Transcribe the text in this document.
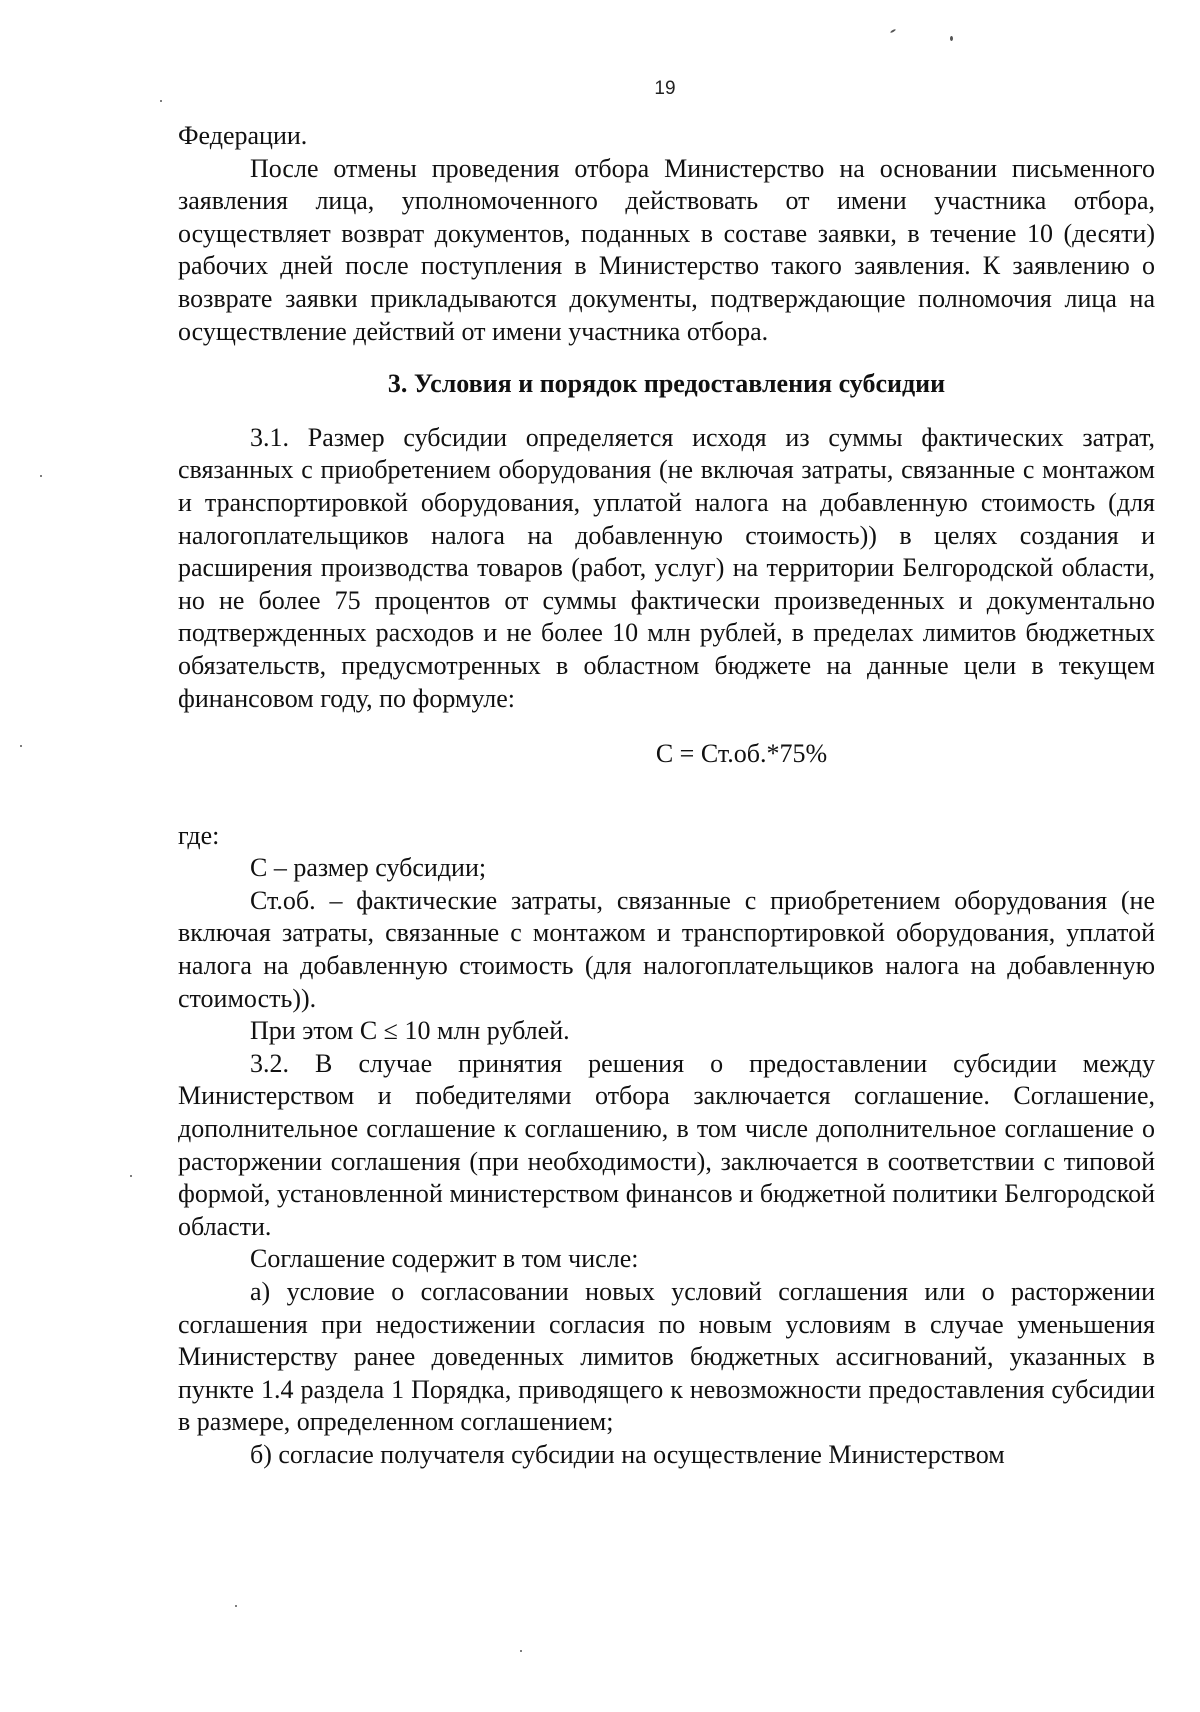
19

Федерации.

После отмены проведения отбора Министерство на основании письменного заявления лица, уполномоченного действовать от имени участника отбора, осуществляет возврат документов, поданных в составе заявки, в течение 10 (десяти) рабочих дней после поступления в Министерство такого заявления. К заявлению о возврате заявки прикладываются документы, подтверждающие полномочия лица на осуществление действий от имени участника отбора.

3. Условия и порядок предоставления субсидии

3.1. Размер субсидии определяется исходя из суммы фактических затрат, связанных с приобретением оборудования (не включая затраты, связанные с монтажом и транспортировкой оборудования, уплатой налога на добавленную стоимость (для налогоплательщиков налога на добавленную стоимость)) в целях создания и расширения производства товаров (работ, услуг) на территории Белгородской области, но не более 75 процентов от суммы фактически произведенных и документально подтвержденных расходов и не более 10 млн рублей, в пределах лимитов бюджетных обязательств, предусмотренных в областном бюджете на данные цели в текущем финансовом году, по формуле:

С = Ст.об.*75%

где:

С – размер субсидии;

Ст.об. – фактические затраты, связанные с приобретением оборудования (не включая затраты, связанные с монтажом и транспортировкой оборудования, уплатой налога на добавленную стоимость (для налогоплательщиков налога на добавленную стоимость)).

При этом С ≤ 10 млн рублей.

3.2. В случае принятия решения о предоставлении субсидии между Министерством и победителями отбора заключается соглашение. Соглашение, дополнительное соглашение к соглашению, в том числе дополнительное соглашение о расторжении соглашения (при необходимости), заключается в соответствии с типовой формой, установленной министерством финансов и бюджетной политики Белгородской области.

Соглашение содержит в том числе:

а) условие о согласовании новых условий соглашения или о расторжении соглашения при недостижении согласия по новым условиям в случае уменьшения Министерству ранее доведенных лимитов бюджетных ассигнований, указанных в пункте 1.4 раздела 1 Порядка, приводящего к невозможности предоставления субсидии в размере, определенном соглашением;

б) согласие получателя субсидии на осуществление Министерством
